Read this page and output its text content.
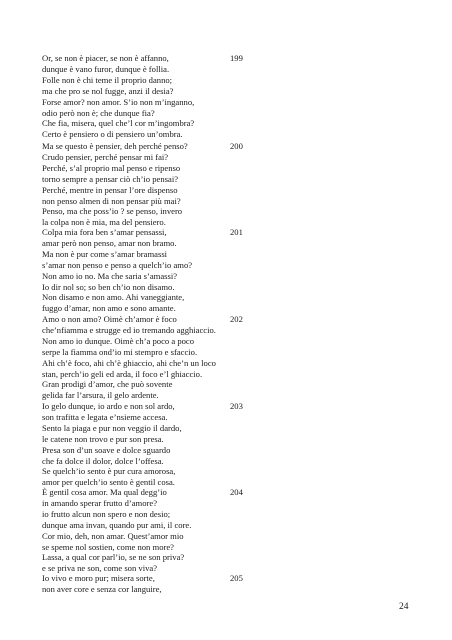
199
Or, se non è piacer, se non è affanno,
dunque è vano furor, dunque è follia.
Folle non è chi teme il proprio danno;
ma che pro se nol fugge, anzi il desia?
Forse amor? non amor. S’io non m’inganno,
odio però non è; che dunque fia?
Che fia, misera, quel che’l cor m’ingombra?
Certo è pensiero o di pensiero un’ombra.
200
Ma se questo è pensier, deh perché penso?
Crudo pensier, perché pensar mi fai?
Perché, s’al proprio mal penso e ripenso
torno sempre a pensar ciò ch’io pensai?
Perché, mentre in pensar l’ore dispenso
non penso almen di non pensar più mai?
Penso, ma che poss’io ? se penso, invero
la colpa non è mia, ma del pensiero.
201
Colpa mia fora ben s’amar pensassi,
amar però non penso, amar non bramo.
Ma non è pur come s’amar bramassi
s’amar non penso e penso a quelch’io amo?
Non amo io no. Ma che saria s’amassi?
Io dir nol so; so ben ch’io non disamo.
Non disamo e non amo. Ahi vaneggiante,
fuggo d’amar, non amo e sono amante.
202
Amo o non amo? Oimè ch’amor è foco
che’nfiamma e strugge ed io tremando agghiaccio.
Non amo io dunque. Oimè ch’a poco a poco
serpe la fiamma ond’io mi stempro e sfaccio.
Ahi ch’è foco, ahi ch’è ghiaccio, ahi che’n un loco
stan, perch’io geli ed arda, il foco e’l ghiaccio.
Gran prodigi d’amor, che può sovente
gelida far l’arsura, il gelo ardente.
203
Io gelo dunque, io ardo e non sol ardo,
son trafitta e legata e’nsieme accesa.
Sento la piaga e pur non veggio il dardo,
le catene non trovo e pur son presa.
Presa son d’un soave e dolce sguardo
che fa dolce il dolor, dolce l’offesa.
Se quelch’io sento è pur cura amorosa,
amor per quelch’io sento è gentil cosa.
204
È gentil cosa amor. Ma qual degg’io
in amando sperar frutto d’amore?
io frutto alcun non spero e non desio;
dunque ama invan, quando pur ami, il core.
Cor mio, deh, non amar. Quest’amor mio
se speme nol sostien, come non more?
Lassa, a qual cor parl’io, se ne son priva?
e se priva ne son, come son viva?
205
Io vivo e moro pur; misera sorte,
non aver core e senza cor languire,
24
